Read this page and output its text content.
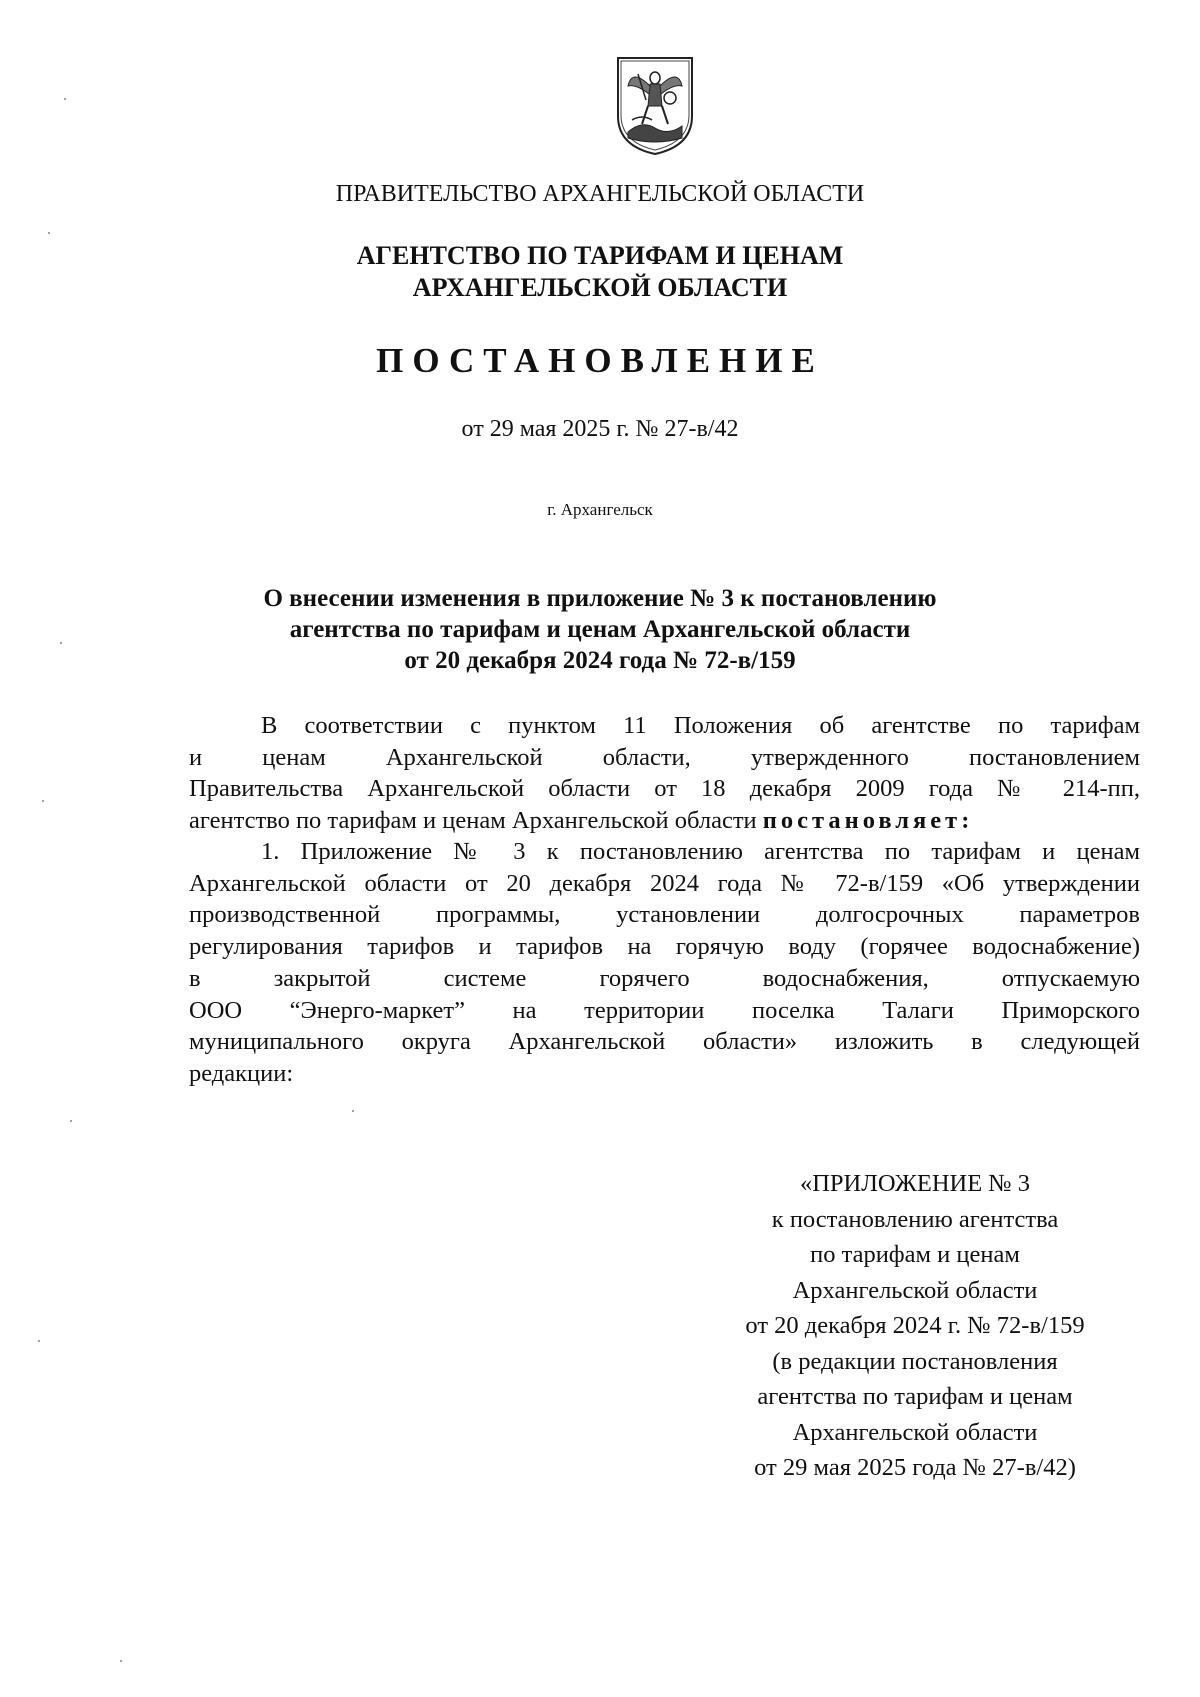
ПРАВИТЕЛЬСТВО АРХАНГЕЛЬСКОЙ ОБЛАСТИ
АГЕНТСТВО ПО ТАРИФАМ И ЦЕНАМ
АРХАНГЕЛЬСКОЙ ОБЛАСТИ
ПОСТАНОВЛЕНИЕ
от 29 мая 2025 г. № 27-в/42
г. Архангельск
О внесении изменения в приложение № 3 к постановлению
агентства по тарифам и ценам Архангельской области
от 20 декабря 2024 года № 72-в/159
В соответствии с пунктом 11 Положения об агентстве по тарифам
и ценам Архангельской области, утвержденного постановлением
Правительства Архангельской области от 18 декабря 2009 года № 214-пп,
агентство по тарифам и ценам Архангельской области постановляет:
1. Приложение № 3 к постановлению агентства по тарифам и ценам
Архангельской области от 20 декабря 2024 года № 72-в/159 «Об утверждении
производственной программы, установлении долгосрочных параметров
регулирования тарифов и тарифов на горячую воду (горячее водоснабжение)
в закрытой системе горячего водоснабжения, отпускаемую
ООО “Энерго-маркет” на территории поселка Талаги Приморского
муниципального округа Архангельской области» изложить в следующей
редакции:
«ПРИЛОЖЕНИЕ № 3
к постановлению агентства
по тарифам и ценам
Архангельской области
от 20 декабря 2024 г. № 72-в/159
(в редакции постановления
агентства по тарифам и ценам
Архангельской области
от 29 мая 2025 года № 27-в/42)
